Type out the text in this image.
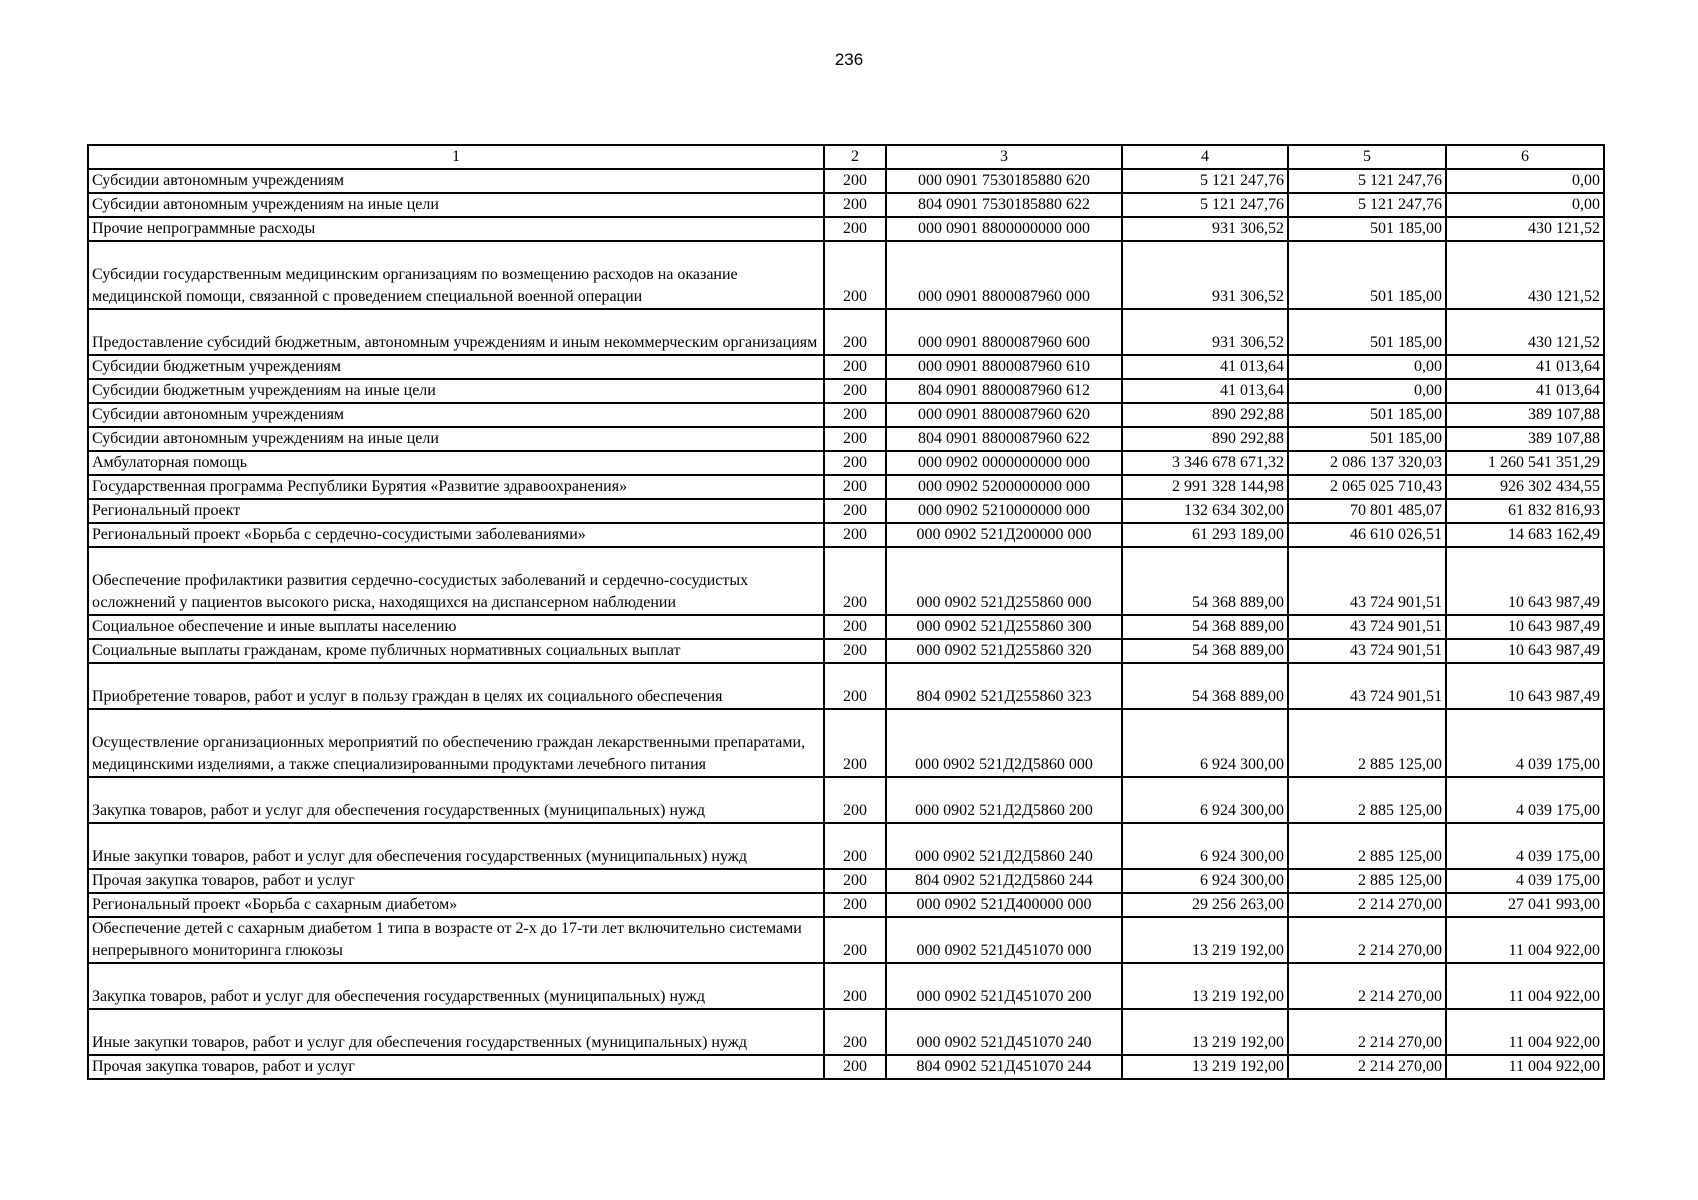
236
1	2	3	4	5	6
Субсидии автономным учреждениям	200	000 0901 7530185880 620	5 121 247,76	5 121 247,76	0,00
Субсидии автономным учреждениям на иные цели	200	804 0901 7530185880 622	5 121 247,76	5 121 247,76	0,00
Прочие непрограммные расходы	200	000 0901 8800000000 000	931 306,52	501 185,00	430 121,52
Субсидии государственным медицинским организациям по возмещению расходов на оказание медицинской помощи, связанной с проведением специальной военной операции	200	000 0901 8800087960 000	931 306,52	501 185,00	430 121,52
Предоставление субсидий бюджетным, автономным учреждениям и иным некоммерческим организациям	200	000 0901 8800087960 600	931 306,52	501 185,00	430 121,52
Субсидии бюджетным учреждениям	200	000 0901 8800087960 610	41 013,64	0,00	41 013,64
Субсидии бюджетным учреждениям на иные цели	200	804 0901 8800087960 612	41 013,64	0,00	41 013,64
Субсидии автономным учреждениям	200	000 0901 8800087960 620	890 292,88	501 185,00	389 107,88
Субсидии автономным учреждениям на иные цели	200	804 0901 8800087960 622	890 292,88	501 185,00	389 107,88
Амбулаторная помощь	200	000 0902 0000000000 000	3 346 678 671,32	2 086 137 320,03	1 260 541 351,29
Государственная программа Республики Бурятия «Развитие здравоохранения»	200	000 0902 5200000000 000	2 991 328 144,98	2 065 025 710,43	926 302 434,55
Региональный проект	200	000 0902 5210000000 000	132 634 302,00	70 801 485,07	61 832 816,93
Региональный проект «Борьба с сердечно-сосудистыми заболеваниями»	200	000 0902 521Д200000 000	61 293 189,00	46 610 026,51	14 683 162,49
Обеспечение профилактики развития сердечно-сосудистых заболеваний и сердечно-сосудистых осложнений у пациентов высокого риска, находящихся на диспансерном наблюдении	200	000 0902 521Д255860 000	54 368 889,00	43 724 901,51	10 643 987,49
Социальное обеспечение и иные выплаты населению	200	000 0902 521Д255860 300	54 368 889,00	43 724 901,51	10 643 987,49
Социальные выплаты гражданам, кроме публичных нормативных социальных выплат	200	000 0902 521Д255860 320	54 368 889,00	43 724 901,51	10 643 987,49
Приобретение товаров, работ и услуг в пользу граждан в целях их социального обеспечения	200	804 0902 521Д255860 323	54 368 889,00	43 724 901,51	10 643 987,49
Осуществление организационных мероприятий по обеспечению граждан лекарственными препаратами, медицинскими изделиями, а также специализированными продуктами лечебного питания	200	000 0902 521Д2Д5860 000	6 924 300,00	2 885 125,00	4 039 175,00
Закупка товаров, работ и услуг для обеспечения государственных (муниципальных) нужд	200	000 0902 521Д2Д5860 200	6 924 300,00	2 885 125,00	4 039 175,00
Иные закупки товаров, работ и услуг для обеспечения государственных (муниципальных) нужд	200	000 0902 521Д2Д5860 240	6 924 300,00	2 885 125,00	4 039 175,00
Прочая закупка товаров, работ и услуг	200	804 0902 521Д2Д5860 244	6 924 300,00	2 885 125,00	4 039 175,00
Региональный проект «Борьба с сахарным диабетом»	200	000 0902 521Д400000 000	29 256 263,00	2 214 270,00	27 041 993,00
Обеспечение детей с сахарным диабетом 1 типа в возрасте от 2-х до 17-ти лет включительно системами непрерывного мониторинга глюкозы	200	000 0902 521Д451070 000	13 219 192,00	2 214 270,00	11 004 922,00
Закупка товаров, работ и услуг для обеспечения государственных (муниципальных) нужд	200	000 0902 521Д451070 200	13 219 192,00	2 214 270,00	11 004 922,00
Иные закупки товаров, работ и услуг для обеспечения государственных (муниципальных) нужд	200	000 0902 521Д451070 240	13 219 192,00	2 214 270,00	11 004 922,00
Прочая закупка товаров, работ и услуг	200	804 0902 521Д451070 244	13 219 192,00	2 214 270,00	11 004 922,00
